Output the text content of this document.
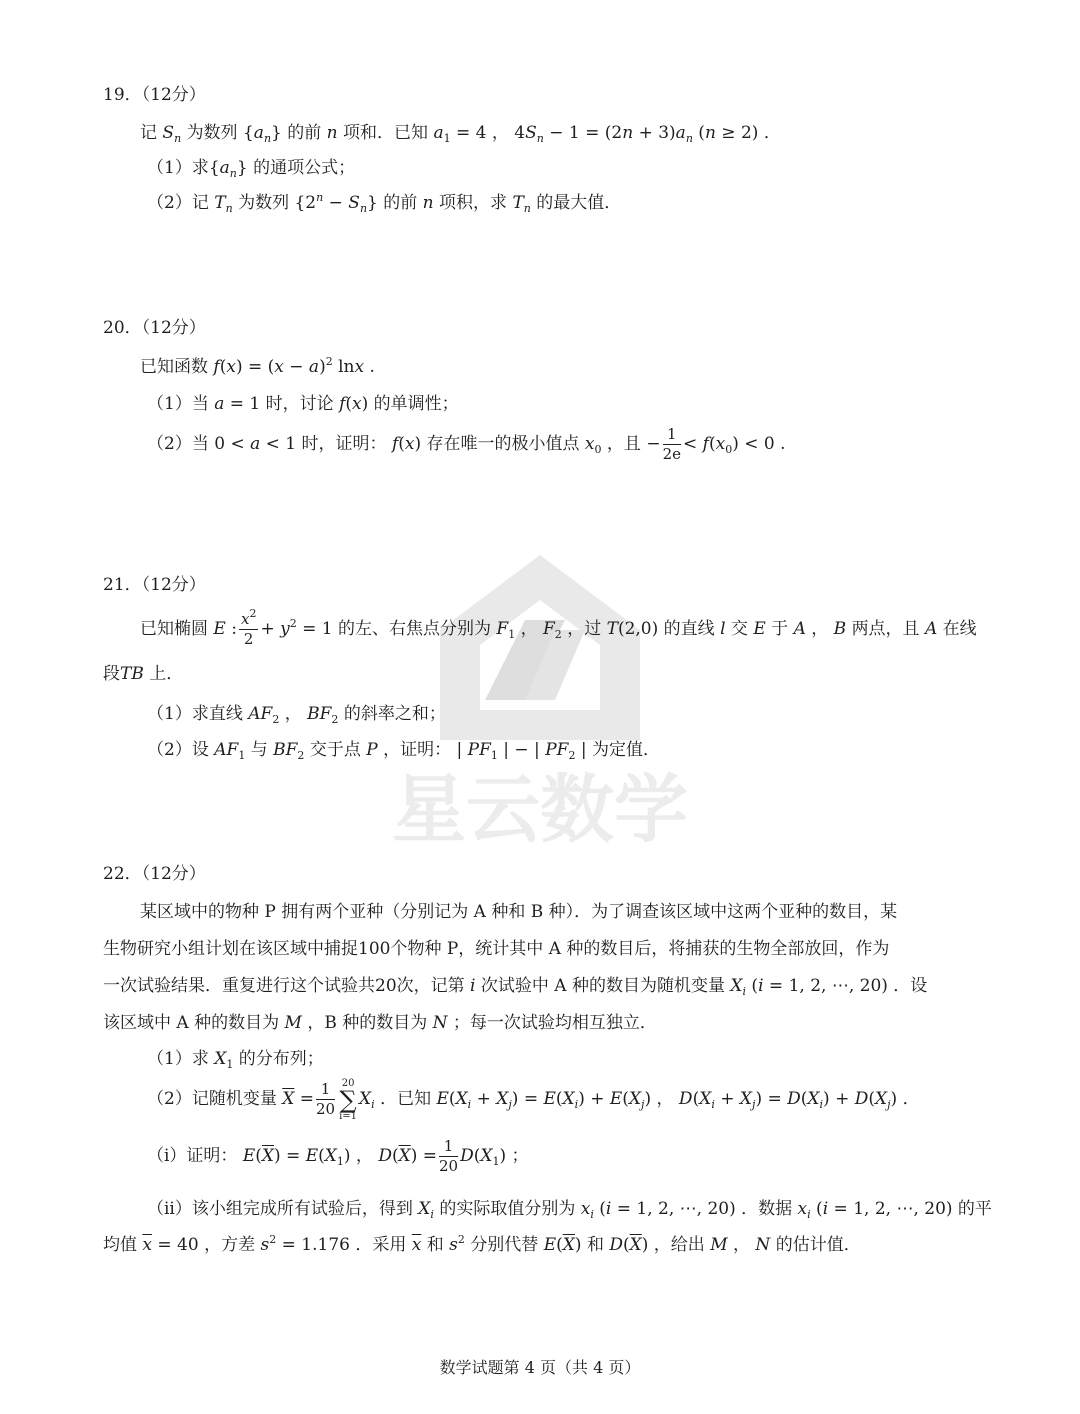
星云数学
19．（12分）
记 $S_n$ 为数列 $\{a_n\}$ 的前 n 项和．已知 $a_1 = 4$ ， $4S_n - 1 = (2n + 3)a_n$ (n ≥ 2) ．
（1）求$\{a_n\}$ 的通项公式；
（2）记 $T_n$ 为数列 $\{2^n - S_n\}$ 的前 n 项积，求 $T_n$ 的最大值．
20．（12分）
已知函数 $f(x) = (x - a)^2$ lnx .
（1）当 a = 1 时，讨论 f(x) 的单调性；
（2）当 0 < a < 1 时，证明： f(x) 存在唯一的极小值点 $x_0$ ，且 − $\frac{1}{2e} < f(x_0) < 0$ .
21．（12分）
已知椭圆 E : $\frac{x^2}{2} + y^2 = 1$ 的左、右焦点分别为 $F_1$ ， $F_2$ ，过 T(2,0) 的直线 l 交 E 于 A ， B 两点，且 A 在线
段TB 上．
（1）求直线 $AF_2$ ， $BF_2$ 的斜率之和；
（2）设 $AF_1$ 与 $BF_2$ 交于点 P ，证明： | $PF_1$ | − | $PF_2$ | 为定值．
22．（12分）
某区域中的物种 P 拥有两个亚种（分别记为 A 种和 B 种）．为了调查该区域中这两个亚种的数目，某
生物研究小组计划在该区域中捕捉100个物种 P，统计其中 A 种的数目后，将捕获的生物全部放回，作为
一次试验结果．重复进行这个试验共20次，记第 i 次试验中 A 种的数目为随机变量 $X_i$ (i = 1, 2, ⋯, 20) ．设
该区域中 A 种的数目为 M ，B 种的数目为 N ；每一次试验均相互独立．
（1）求 $X_1$ 的分布列；
（2）记随机变量 $\overline{X} = \frac{1}{20} 20$
∑
i=1
$X_i$ ．已知 $E(X_i + X_j) = E(X_i) + E(X_j)$ ， $D(X_i + X_j) = D(X_i) + D(X_j)$ ．
（i）证明： $E(\overline{X}) = E(X_1)$ ， $D(\overline{X}) = \frac{1}{20} D(X_1)$ ；
（ii）该小组完成所有试验后，得到 $X_i$ 的实际取值分别为 $x_i$ (i = 1, 2, ⋯, 20) ．数据 $x_i$ (i = 1, 2, ⋯, 20) 的平
均值 $\overline{x} = 40$ ，方差 $s^2 = 1.176$ ．采用 $\overline{x}$ 和 $s^2$ 分别代替 $E(\overline{X})$ 和 $D(\overline{X})$ ，给出 M ， N 的估计值．
数学试题第 4 页（共 4 页）
